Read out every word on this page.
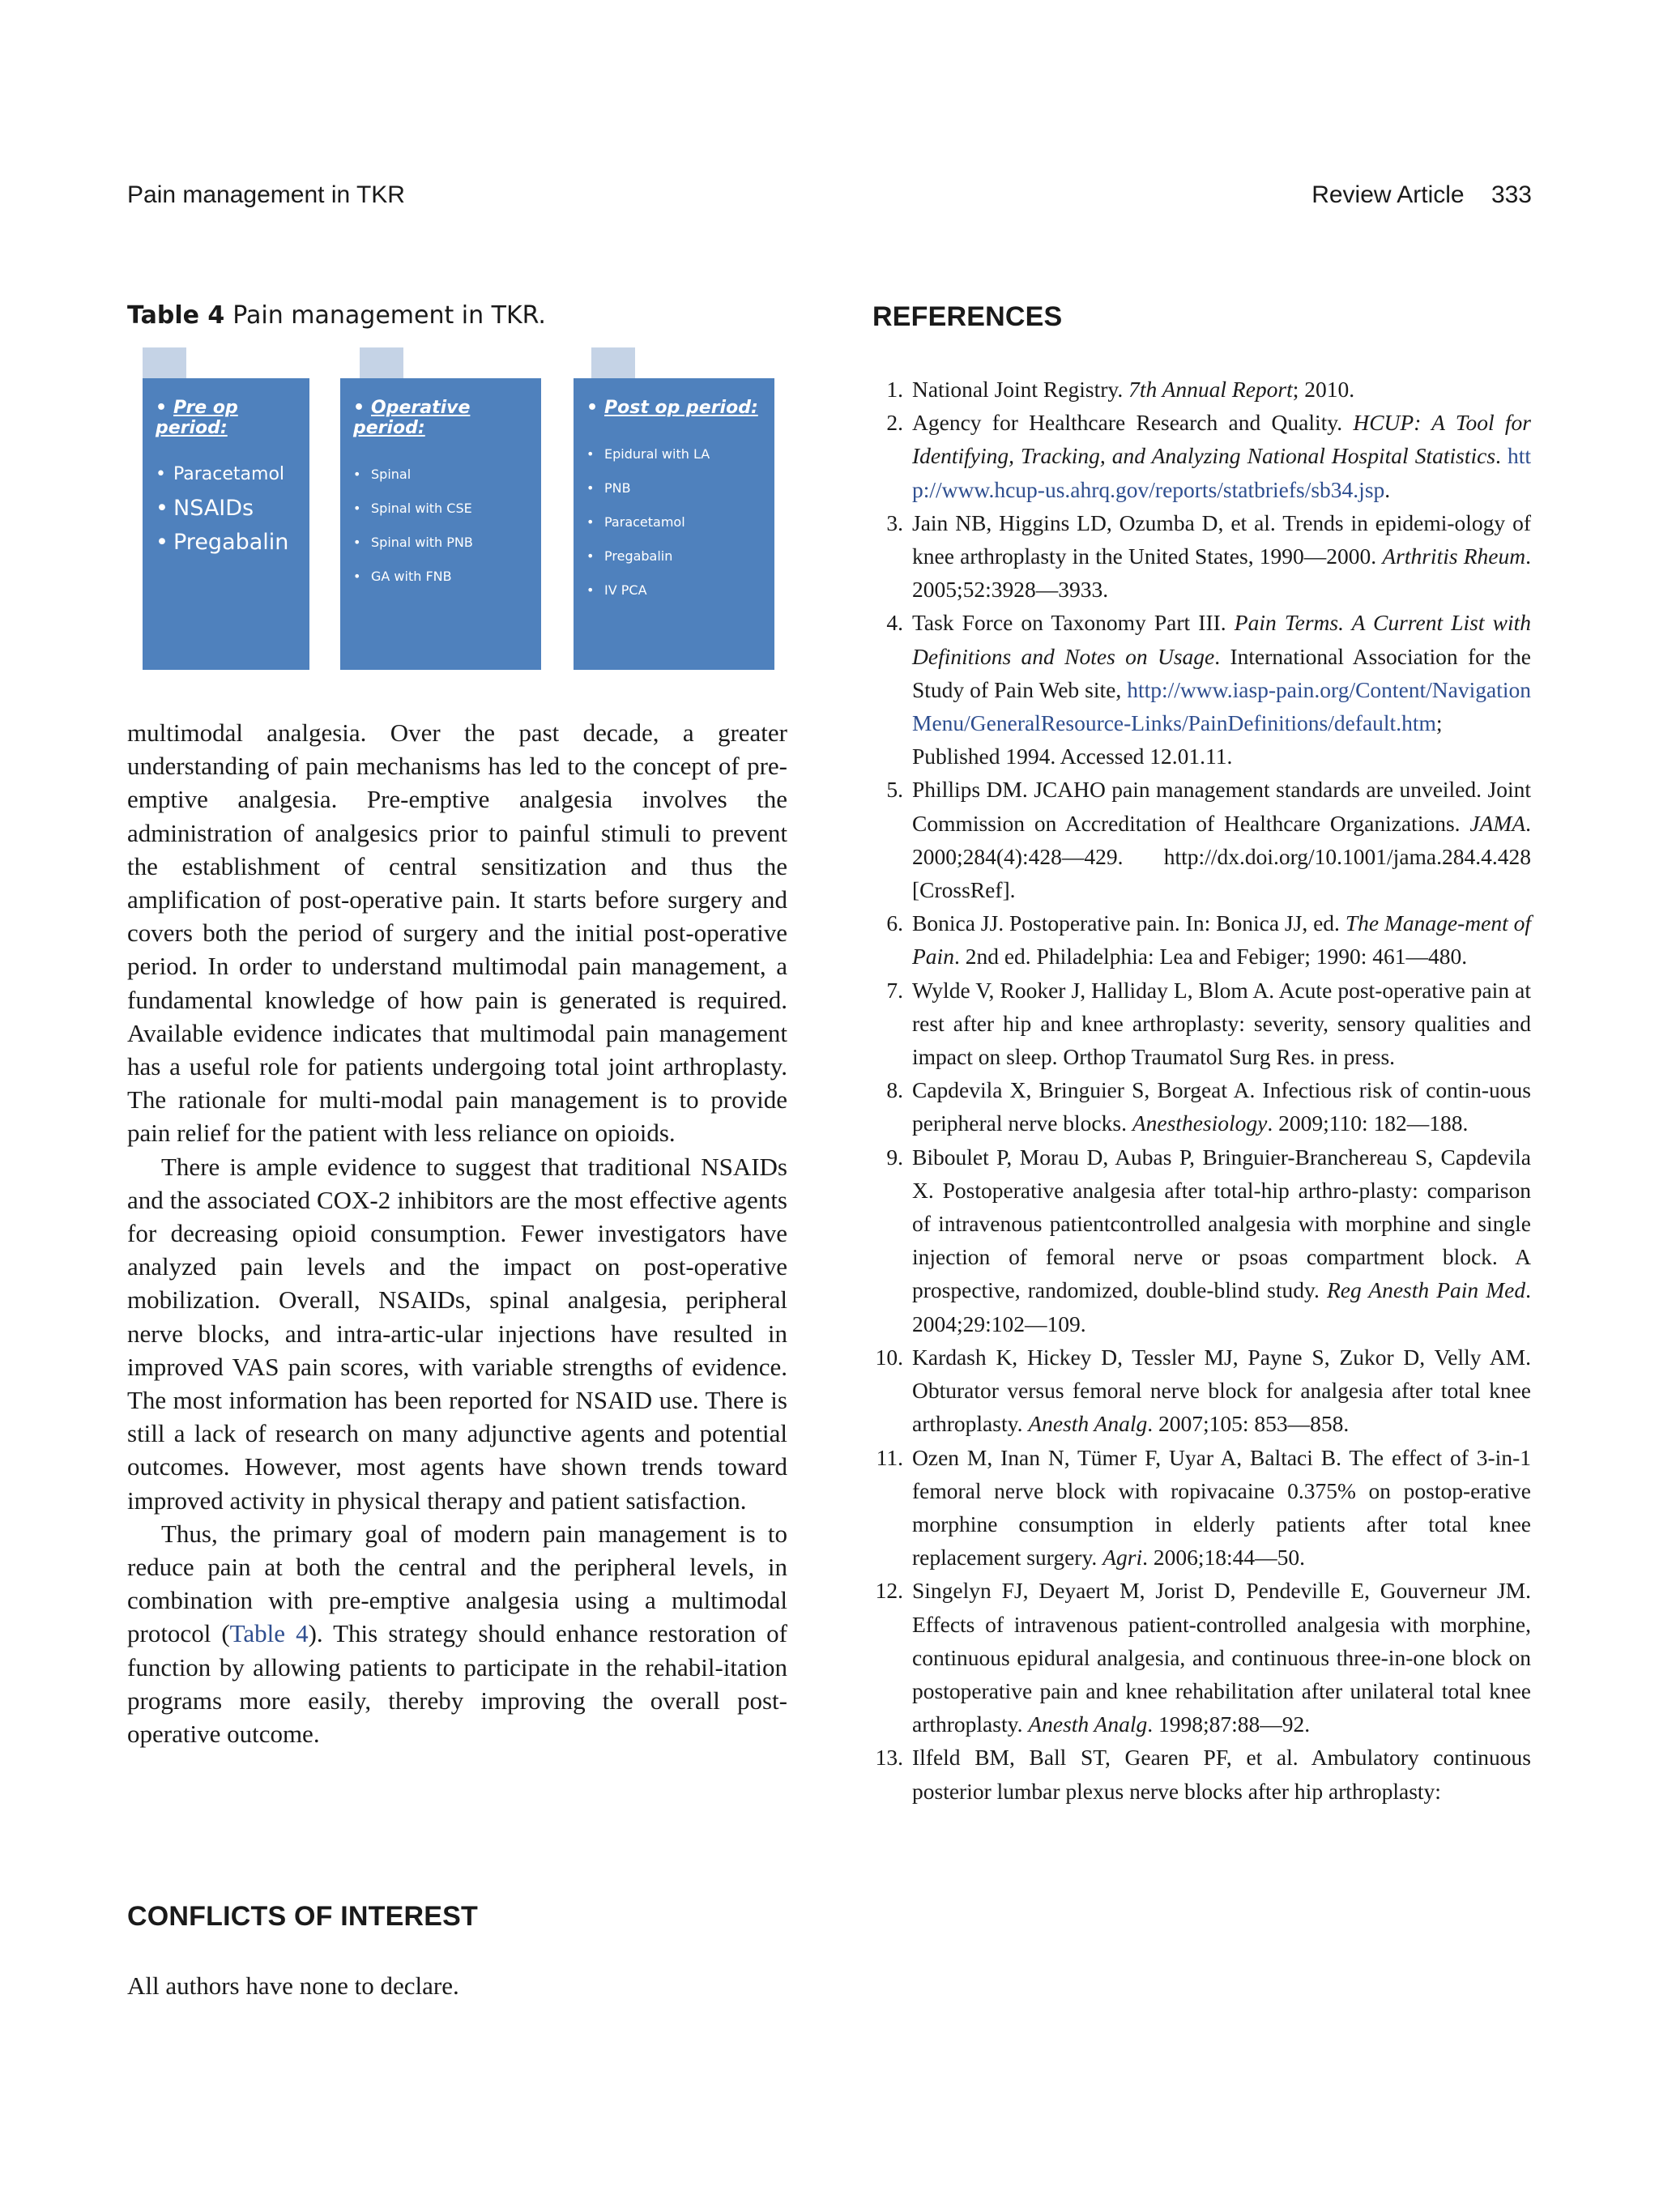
Pain management in TKR	Review Article 333
Table 4 Pain management in TKR.
• Pre op period:
• Paracetamol
• NSAIDs
• Pregabalin
• Operative period:
• Spinal
• Spinal with CSE
• Spinal with PNB
• GA with FNB
• Post op period:
• Epidural with LA
• PNB
• Paracetamol
• Pregabalin
• IV PCA

multimodal analgesia. Over the past decade, a greater understanding of pain mechanisms has led to the concept of pre-emptive analgesia. Pre-emptive analgesia involves the administration of analgesics prior to painful stimuli to prevent the establishment of central sensitization and thus the amplification of post-operative pain. It starts before surgery and covers both the period of surgery and the initial post-operative period. In order to understand multimodal pain management, a fundamental knowledge of how pain is generated is required. Available evidence indicates that multimodal pain management has a useful role for patients undergoing total joint arthroplasty. The rationale for multi-modal pain management is to provide pain relief for the patient with less reliance on opioids.

There is ample evidence to suggest that traditional NSAIDs and the associated COX-2 inhibitors are the most effective agents for decreasing opioid consumption. Fewer investigators have analyzed pain levels and the impact on post-operative mobilization. Overall, NSAIDs, spinal analgesia, peripheral nerve blocks, and intra-artic-ular injections have resulted in improved VAS pain scores, with variable strengths of evidence. The most information has been reported for NSAID use. There is still a lack of research on many adjunctive agents and potential outcomes. However, most agents have shown trends toward improved activity in physical therapy and patient satisfaction.

Thus, the primary goal of modern pain management is to reduce pain at both the central and the peripheral levels, in combination with pre-emptive analgesia using a multimodal protocol (Table 4). This strategy should enhance restoration of function by allowing patients to participate in the rehabil-itation programs more easily, thereby improving the overall post-operative outcome.

CONFLICTS OF INTEREST
All authors have none to declare.
REFERENCES
1. National Joint Registry. 7th Annual Report; 2010.
2. Agency for Healthcare Research and Quality. HCUP: A Tool for Identifying, Tracking, and Analyzing National Hospital Statistics. http://www.hcup-us.ahrq.gov/reports/statbriefs/sb34.jsp.
3. Jain NB, Higgins LD, Ozumba D, et al. Trends in epidemi-ology of knee arthroplasty in the United States, 1990—2000. Arthritis Rheum. 2005;52:3928—3933.
4. Task Force on Taxonomy Part III. Pain Terms. A Current List with Definitions and Notes on Usage. International Association for the Study of Pain Web site, http://www.iasp-pain.org/Content/NavigationMenu/GeneralResource-Links/PainDefinitions/default.htm; Published 1994. Accessed 12.01.11.
5. Phillips DM. JCAHO pain management standards are unveiled. Joint Commission on Accreditation of Healthcare Organizations. JAMA. 2000;284(4):428—429. http://dx.doi.org/10.1001/jama.284.4.428 [CrossRef].
6. Bonica JJ. Postoperative pain. In: Bonica JJ, ed. The Manage-ment of Pain. 2nd ed. Philadelphia: Lea and Febiger; 1990: 461—480.
7. Wylde V, Rooker J, Halliday L, Blom A. Acute post-operative pain at rest after hip and knee arthroplasty: severity, sensory qualities and impact on sleep. Orthop Traumatol Surg Res. in press.
8. Capdevila X, Bringuier S, Borgeat A. Infectious risk of contin-uous peripheral nerve blocks. Anesthesiology. 2009;110: 182—188.
9. Biboulet P, Morau D, Aubas P, Bringuier-Branchereau S, Capdevila X. Postoperative analgesia after total-hip arthro-plasty: comparison of intravenous patientcontrolled analgesia with morphine and single injection of femoral nerve or psoas compartment block. A prospective, randomized, double-blind study. Reg Anesth Pain Med. 2004;29:102—109.
10. Kardash K, Hickey D, Tessler MJ, Payne S, Zukor D, Velly AM. Obturator versus femoral nerve block for analgesia after total knee arthroplasty. Anesth Analg. 2007;105: 853—858.
11. Ozen M, Inan N, Tümer F, Uyar A, Baltaci B. The effect of 3-in-1 femoral nerve block with ropivacaine 0.375% on postop-erative morphine consumption in elderly patients after total knee replacement surgery. Agri. 2006;18:44—50.
12. Singelyn FJ, Deyaert M, Jorist D, Pendeville E, Gouverneur JM. Effects of intravenous patient-controlled analgesia with morphine, continuous epidural analgesia, and continuous three-in-one block on postoperative pain and knee rehabilitation after unilateral total knee arthroplasty. Anesth Analg. 1998;87:88—92.
13. Ilfeld BM, Ball ST, Gearen PF, et al. Ambulatory continuous posterior lumbar plexus nerve blocks after hip arthroplasty:
